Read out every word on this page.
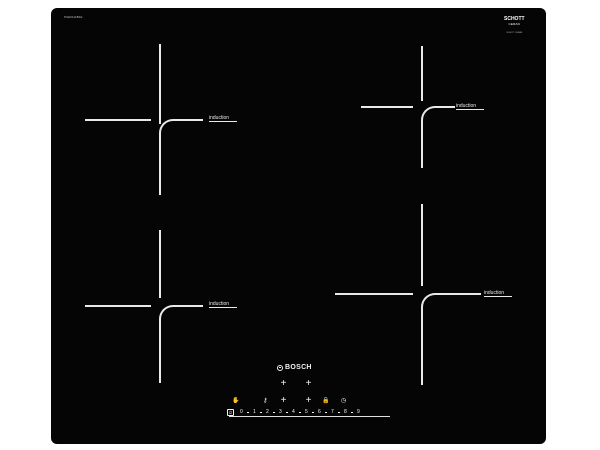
PUE611FB1E	SCHOTT
CERAN
SCHOTT CERAN
induction
induction
induction
induction
BOSCH
+ +
+ +
✋	⚷	🔒 ◷
⏻	0 1 2 3 4 5 6 7 8 9
